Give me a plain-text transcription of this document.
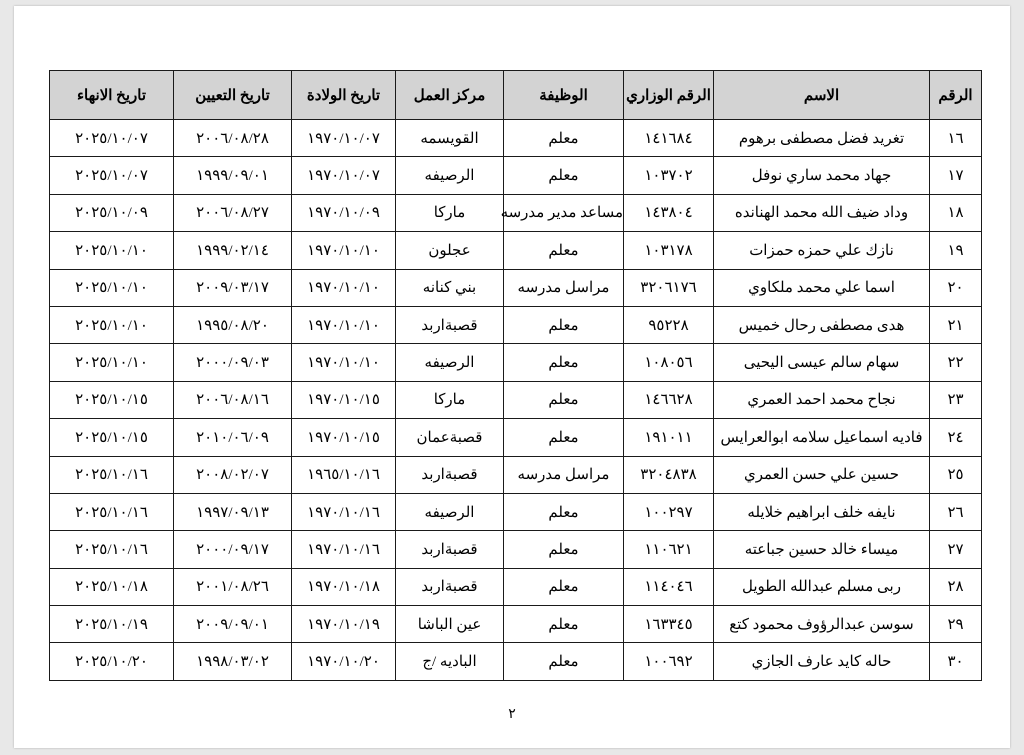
الرقم	الاسم	الرقم الوزاري	الوظيفة	مركز العمل	تاريخ الولادة	تاريخ التعيين	تاريخ الانهاء
١٦	تغريد فضل مصطفى برهوم	١٤١٦٨٤	معلم	القويسمه	١٩٧٠/١٠/٠٧	٢٠٠٦/٠٨/٢٨	٢٠٢٥/١٠/٠٧
١٧	جهاد محمد ساري نوفل	١٠٣٧٠٢	معلم	الرصيفه	١٩٧٠/١٠/٠٧	١٩٩٩/٠٩/٠١	٢٠٢٥/١٠/٠٧
١٨	وداد ضيف الله محمد الهنانده	١٤٣٨٠٤	مساعد مدير مدرسه	ماركا	١٩٧٠/١٠/٠٩	٢٠٠٦/٠٨/٢٧	٢٠٢٥/١٠/٠٩
١٩	نازك علي حمزه حمزات	١٠٣١٧٨	معلم	عجلون	١٩٧٠/١٠/١٠	١٩٩٩/٠٢/١٤	٢٠٢٥/١٠/١٠
٢٠	اسما علي محمد ملكاوي	٣٢٠٦١٧٦	مراسل مدرسه	بني كنانه	١٩٧٠/١٠/١٠	٢٠٠٩/٠٣/١٧	٢٠٢٥/١٠/١٠
٢١	هدى مصطفى رحال خميس	٩٥٢٢٨	معلم	قصبةاربد	١٩٧٠/١٠/١٠	١٩٩٥/٠٨/٢٠	٢٠٢٥/١٠/١٠
٢٢	سهام سالم عيسى اليحيى	١٠٨٠٥٦	معلم	الرصيفه	١٩٧٠/١٠/١٠	٢٠٠٠/٠٩/٠٣	٢٠٢٥/١٠/١٠
٢٣	نجاح محمد احمد العمري	١٤٦٦٢٨	معلم	ماركا	١٩٧٠/١٠/١٥	٢٠٠٦/٠٨/١٦	٢٠٢٥/١٠/١٥
٢٤	فاديه اسماعيل سلامه ابوالعرايس	١٩١٠١١	معلم	قصبةعمان	١٩٧٠/١٠/١٥	٢٠١٠/٠٦/٠٩	٢٠٢٥/١٠/١٥
٢٥	حسين علي حسن العمري	٣٢٠٤٨٣٨	مراسل مدرسه	قصبةاربد	١٩٦٥/١٠/١٦	٢٠٠٨/٠٢/٠٧	٢٠٢٥/١٠/١٦
٢٦	نايفه خلف ابراهيم خلايله	١٠٠٢٩٧	معلم	الرصيفه	١٩٧٠/١٠/١٦	١٩٩٧/٠٩/١٣	٢٠٢٥/١٠/١٦
٢٧	ميساء خالد حسين جباعته	١١٠٦٢١	معلم	قصبةاربد	١٩٧٠/١٠/١٦	٢٠٠٠/٠٩/١٧	٢٠٢٥/١٠/١٦
٢٨	ربى مسلم عبدالله الطويل	١١٤٠٤٦	معلم	قصبةاربد	١٩٧٠/١٠/١٨	٢٠٠١/٠٨/٢٦	٢٠٢٥/١٠/١٨
٢٩	سوسن عبدالرؤوف محمود كتع	١٦٣٣٤٥	معلم	عين الباشا	١٩٧٠/١٠/١٩	٢٠٠٩/٠٩/٠١	٢٠٢٥/١٠/١٩
٣٠	حاله كايد عارف الجازي	١٠٠٦٩٢	معلم	الباديه /ج	١٩٧٠/١٠/٢٠	١٩٩٨/٠٣/٠٢	٢٠٢٥/١٠/٢٠
٢
